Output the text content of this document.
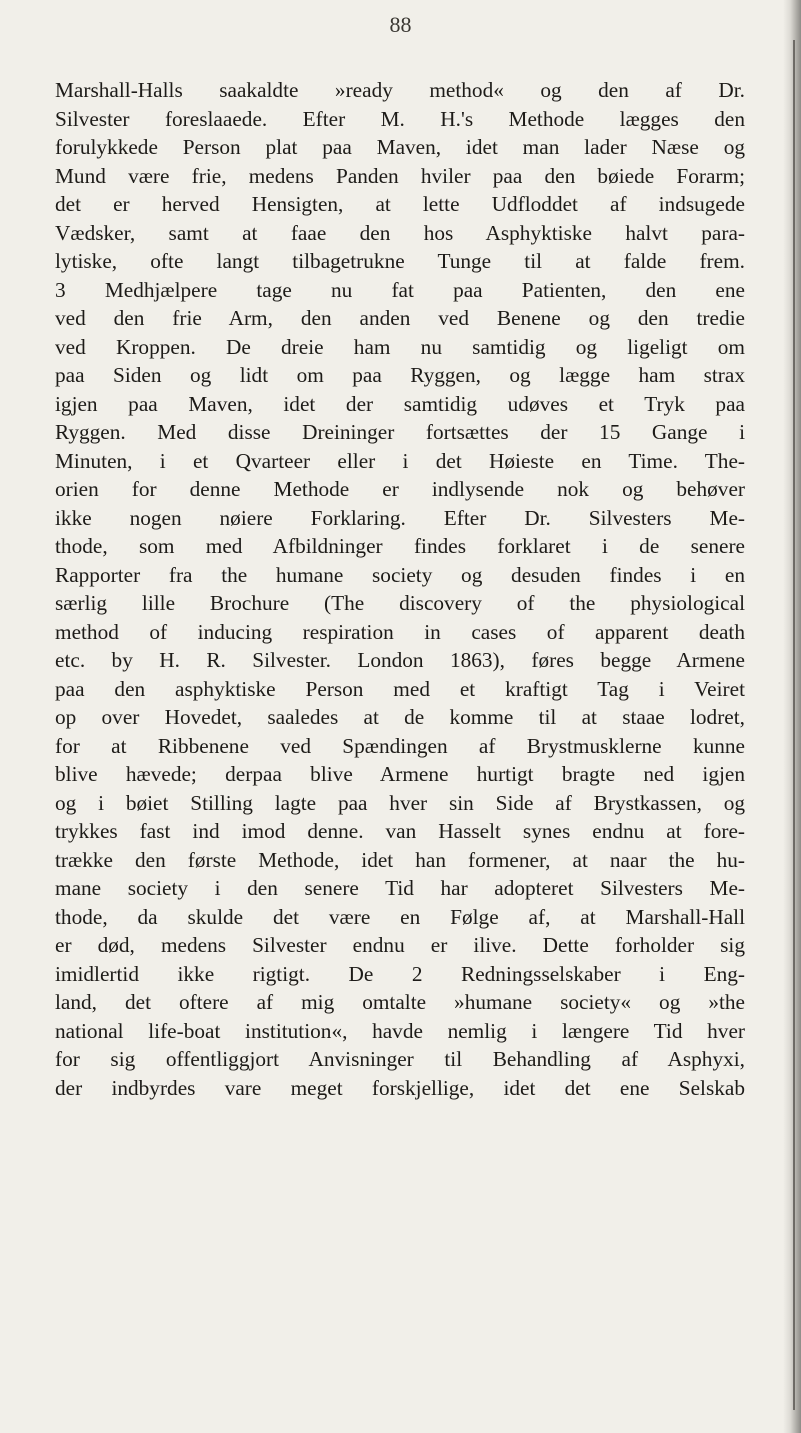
88
Marshall-Halls saakaldte »ready method« og den af Dr.
Silvester foreslaaede. Efter M. H.'s Methode lægges den
forulykkede Person plat paa Maven, idet man lader Næse og
Mund være frie, medens Panden hviler paa den bøiede Forarm;
det er herved Hensigten, at lette Udfloddet af indsugede
Vædsker, samt at faae den hos Asphyktiske halvt para-
lytiske, ofte langt tilbagetrukne Tunge til at falde frem.
3 Medhjælpere tage nu fat paa Patienten, den ene
ved den frie Arm, den anden ved Benene og den tredie
ved Kroppen. De dreie ham nu samtidig og ligeligt om
paa Siden og lidt om paa Ryggen, og lægge ham strax
igjen paa Maven, idet der samtidig udøves et Tryk paa
Ryggen. Med disse Dreininger fortsættes der 15 Gange i
Minuten, i et Qvarteer eller i det Høieste en Time. The-
orien for denne Methode er indlysende nok og behøver
ikke nogen nøiere Forklaring. Efter Dr. Silvesters Me-
thode, som med Afbildninger findes forklaret i de senere
Rapporter fra the humane society og desuden findes i en
særlig lille Brochure (The discovery of the physiological
method of inducing respiration in cases of apparent death
etc. by H. R. Silvester. London 1863), føres begge Armene
paa den asphyktiske Person med et kraftigt Tag i Veiret
op over Hovedet, saaledes at de komme til at staae lodret,
for at Ribbenene ved Spændingen af Brystmusklerne kunne
blive hævede; derpaa blive Armene hurtigt bragte ned igjen
og i bøiet Stilling lagte paa hver sin Side af Brystkassen, og
trykkes fast ind imod denne. van Hasselt synes endnu at fore-
trække den første Methode, idet han formener, at naar the hu-
mane society i den senere Tid har adopteret Silvesters Me-
thode, da skulde det være en Følge af, at Marshall-Hall
er død, medens Silvester endnu er ilive. Dette forholder sig
imidlertid ikke rigtigt. De 2 Redningsselskaber i Eng-
land, det oftere af mig omtalte »humane society« og »the
national life-boat institution«, havde nemlig i længere Tid hver
for sig offentliggjort Anvisninger til Behandling af Asphyxi,
der indbyrdes vare meget forskjellige, idet det ene Selskab
